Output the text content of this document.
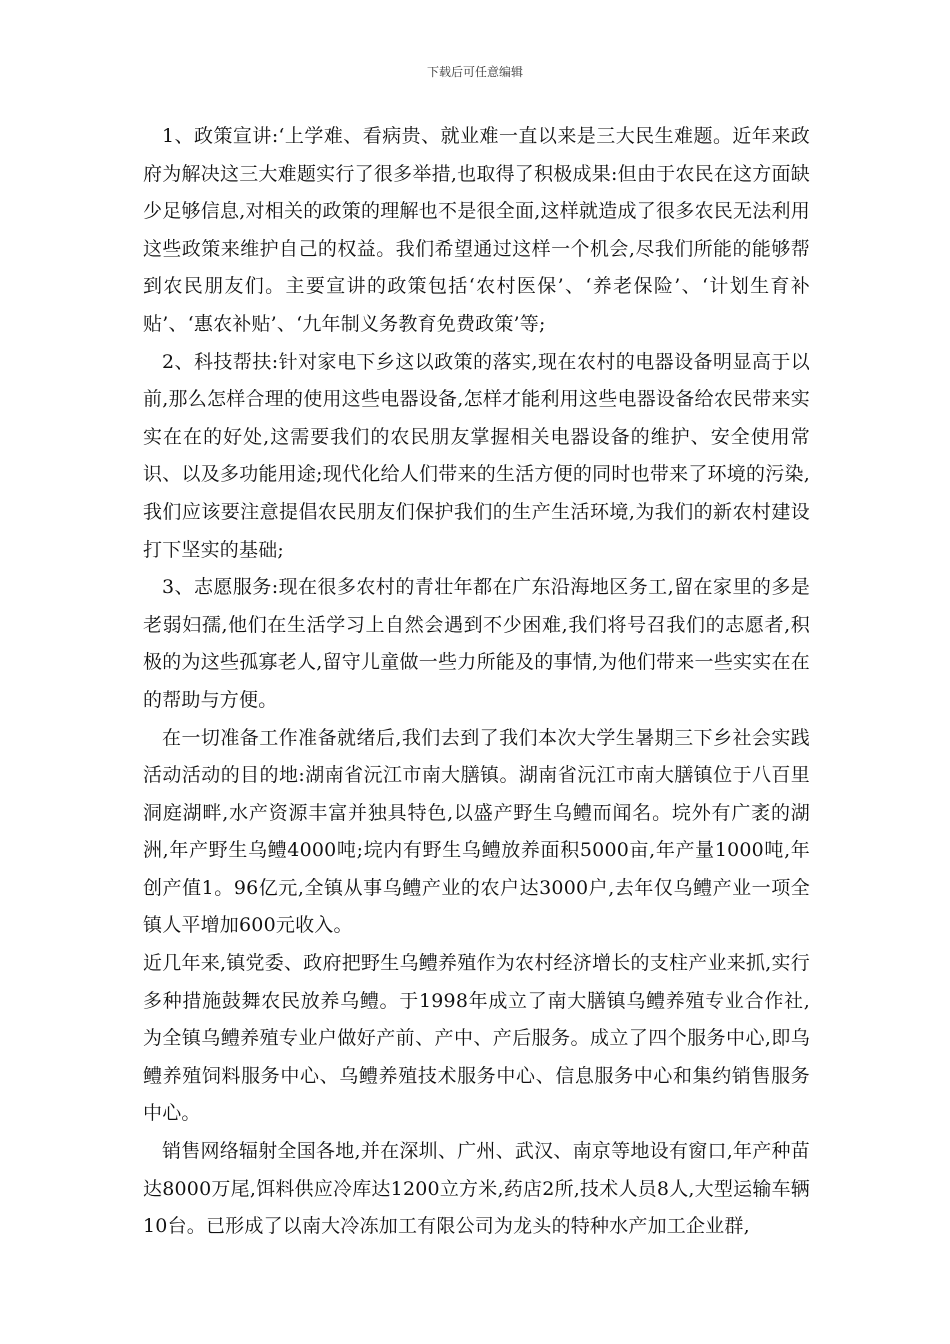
下载后可任意编辑

1、政策宣讲:‘上学难、看病贵、就业难一直以来是三大民生难题。近年来政府为解决这三大难题实行了很多举措,也取得了积极成果:但由于农民在这方面缺少足够信息,对相关的政策的理解也不是很全面,这样就造成了很多农民无法利用这些政策来维护自己的权益。我们希望通过这样一个机会,尽我们所能的能够帮到农民朋友们。主要宣讲的政策包括‘农村医保’、‘养老保险’、‘计划生育补贴’、‘惠农补贴’、‘九年制义务教育免费政策’等;

2、科技帮扶:针对家电下乡这以政策的落实,现在农村的电器设备明显高于以前,那么怎样合理的使用这些电器设备,怎样才能利用这些电器设备给农民带来实实在在的好处,这需要我们的农民朋友掌握相关电器设备的维护、安全使用常识、以及多功能用途;现代化给人们带来的生活方便的同时也带来了环境的污染,我们应该要注意提倡农民朋友们保护我们的生产生活环境,为我们的新农村建设打下坚实的基础;

3、志愿服务:现在很多农村的青壮年都在广东沿海地区务工,留在家里的多是老弱妇孺,他们在生活学习上自然会遇到不少困难,我们将号召我们的志愿者,积极的为这些孤寡老人,留守儿童做一些力所能及的事情,为他们带来一些实实在在的帮助与方便。

在一切准备工作准备就绪后,我们去到了我们本次大学生暑期三下乡社会实践活动活动的目的地:湖南省沅江市南大膳镇。湖南省沅江市南大膳镇位于八百里洞庭湖畔,水产资源丰富并独具特色,以盛产野生乌鳢而闻名。垸外有广袤的湖洲,年产野生乌鳢4000吨;垸内有野生乌鳢放养面积5000亩,年产量1000吨,年创产值1。96亿元,全镇从事乌鳢产业的农户达3000户,去年仅乌鳢产业一项全镇人平增加600元收入。

近几年来,镇党委、政府把野生乌鳢养殖作为农村经济增长的支柱产业来抓,实行多种措施鼓舞农民放养乌鳢。于1998年成立了南大膳镇乌鳢养殖专业合作社,为全镇乌鳢养殖专业户做好产前、产中、产后服务。成立了四个服务中心,即乌鳢养殖饲料服务中心、乌鳢养殖技术服务中心、信息服务中心和集约销售服务中心。

销售网络辐射全国各地,并在深圳、广州、武汉、南京等地设有窗口,年产种苗达8000万尾,饵料供应冷库达1200立方米,药店2所,技术人员8人,大型运输车辆10台。已形成了以南大冷冻加工有限公司为龙头的特种水产加工企业群,
